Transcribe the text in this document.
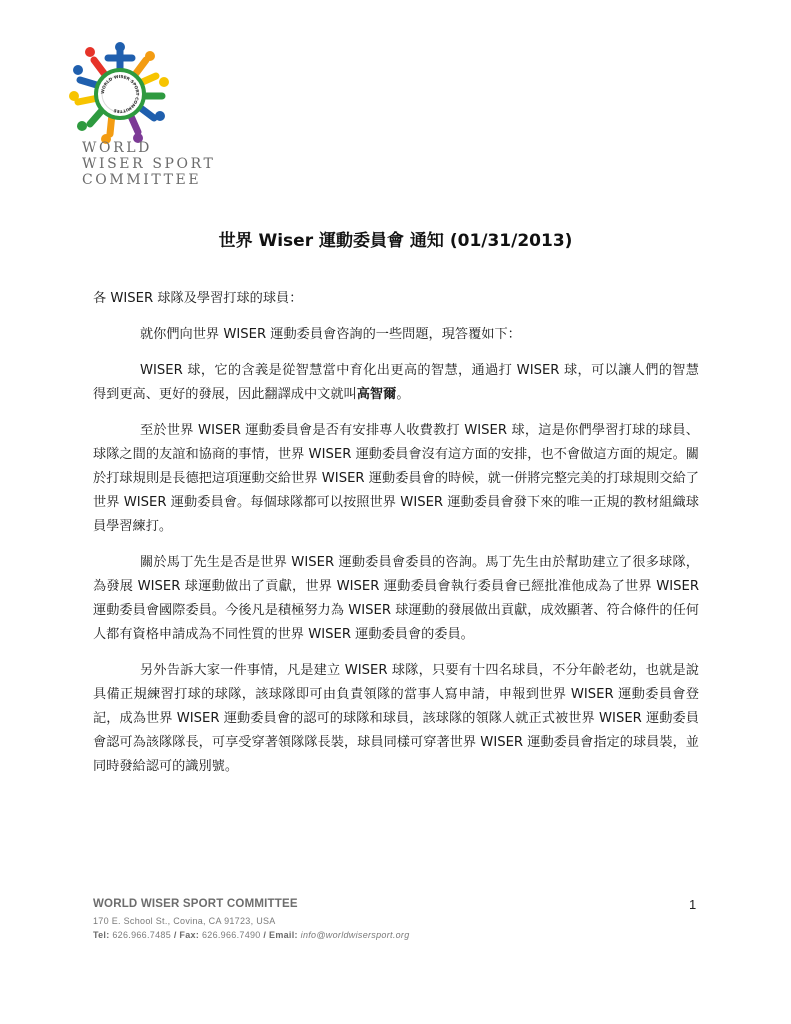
WORLD WISER SPORT COMMITTEE
WORLD
WISER SPORT
COMMITTEE
世界 Wiser 運動委員會 通知 (01/31/2013)

各 WISER 球隊及學習打球的球員：

就你們向世界 WISER 運動委員會咨詢的一些問題，現答覆如下：

WISER 球，它的含義是從智慧當中育化出更高的智慧，通過打 WISER 球，可以讓人們的智慧得到更高、更好的發展，因此翻譯成中文就叫高智爾。

至於世界 WISER 運動委員會是否有安排專人收費教打 WISER 球，這是你們學習打球的球員、球隊之間的友誼和協商的事情，世界 WISER 運動委員會沒有這方面的安排，也不會做這方面的規定。關於打球規則是長德把這項運動交給世界 WISER 運動委員會的時候，就一併將完整完美的打球規則交給了世界 WISER 運動委員會。每個球隊都可以按照世界 WISER 運動委員會發下來的唯一正規的教材組織球員學習練打。

關於馬丁先生是否是世界 WISER 運動委員會委員的咨詢。馬丁先生由於幫助建立了很多球隊，為發展 WISER 球運動做出了貢獻，世界 WISER 運動委員會執行委員會已經批准他成為了世界 WISER 運動委員會國際委員。今後凡是積極努力為 WISER 球運動的發展做出貢獻，成效顯著、符合條件的任何人都有資格申請成為不同性質的世界 WISER 運動委員會的委員。

另外告訴大家一件事情，凡是建立 WISER 球隊，只要有十四名球員，不分年齡老幼，也就是說具備正規練習打球的球隊，該球隊即可由負責領隊的當事人寫申請，申報到世界 WISER 運動委員會登記，成為世界 WISER 運動委員會的認可的球隊和球員，該球隊的領隊人就正式被世界 WISER 運動委員會認可為該隊隊長，可享受穿著領隊隊長裝，球員同樣可穿著世界 WISER 運動委員會指定的球員裝，並同時發給認可的識別號。

WORLD WISER SPORT COMMITTEE
170 E. School St., Covina, CA 91723, USA
Tel: 626.966.7485 / Fax: 626.966.7490 / Email: info@worldwisersport.org
1
